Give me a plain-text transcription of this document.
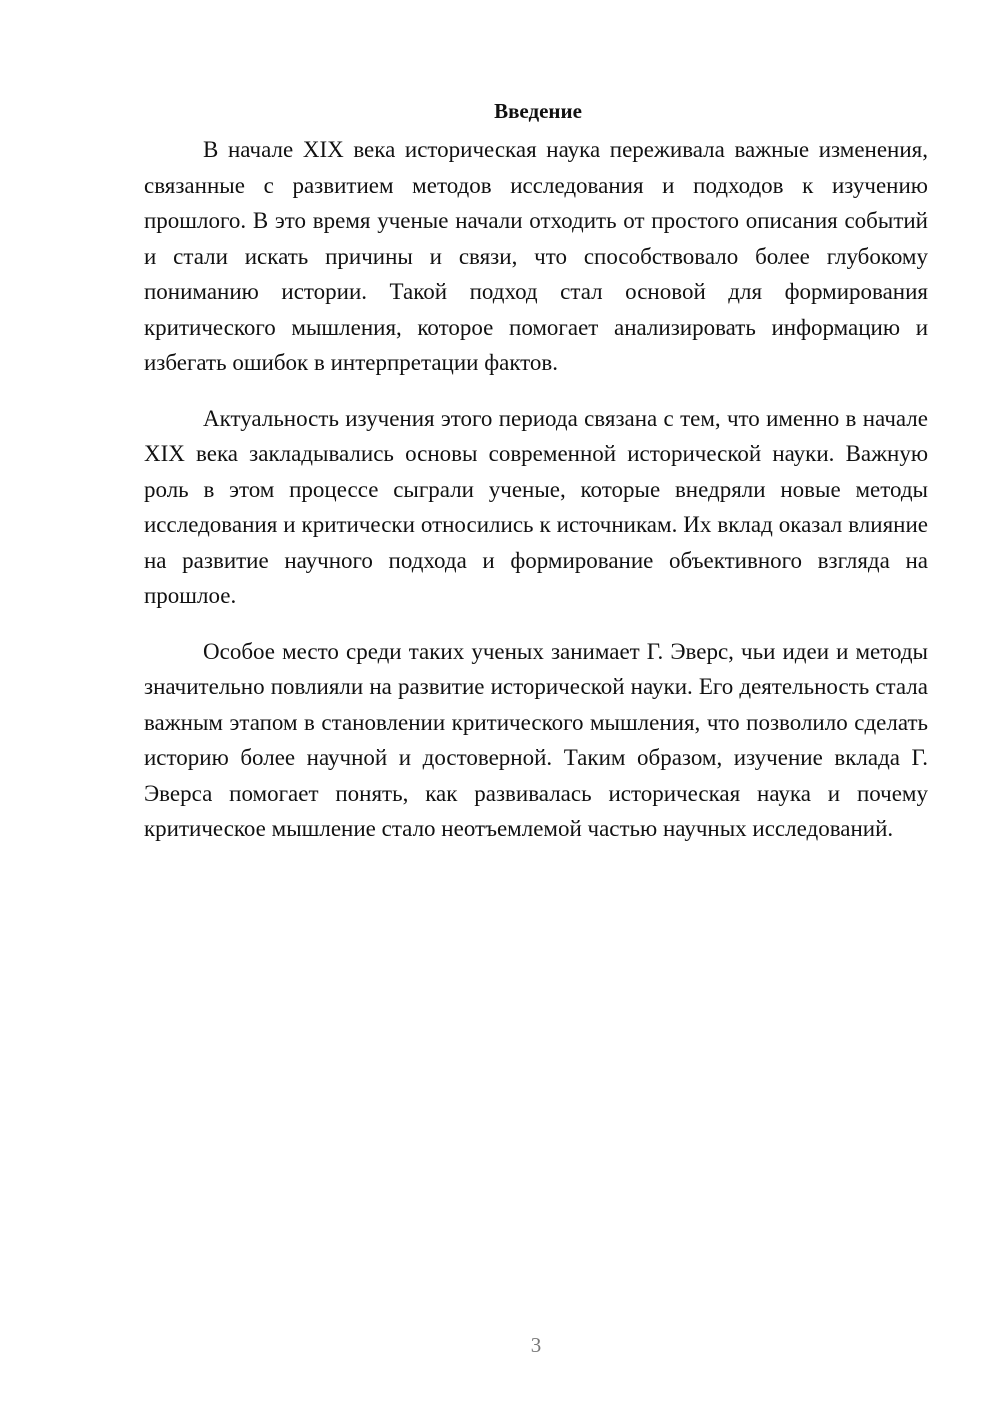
Введение

В начале XIX века историческая наука переживала важные изменения, связанные с развитием методов исследования и подходов к изучению прошлого. В это время ученые начали отходить от простого описания событий и стали искать причины и связи, что способствовало более глубокому пониманию истории. Такой подход стал основой для формирования критического мышления, которое помогает анализировать информацию и избегать ошибок в интерпретации фактов.

Актуальность изучения этого периода связана с тем, что именно в начале XIX века закладывались основы современной исторической науки. Важную роль в этом процессе сыграли ученые, которые внедряли новые методы исследования и критически относились к источникам. Их вклад оказал влияние на развитие научного подхода и формирование объективного взгляда на прошлое.

Особое место среди таких ученых занимает Г. Эверс, чьи идеи и методы значительно повлияли на развитие исторической науки. Его деятельность стала важным этапом в становлении критического мышления, что позволило сделать историю более научной и достоверной. Таким образом, изучение вклада Г. Эверса помогает понять, как развивалась историческая наука и почему критическое мышление стало неотъемлемой частью научных исследований.

3
